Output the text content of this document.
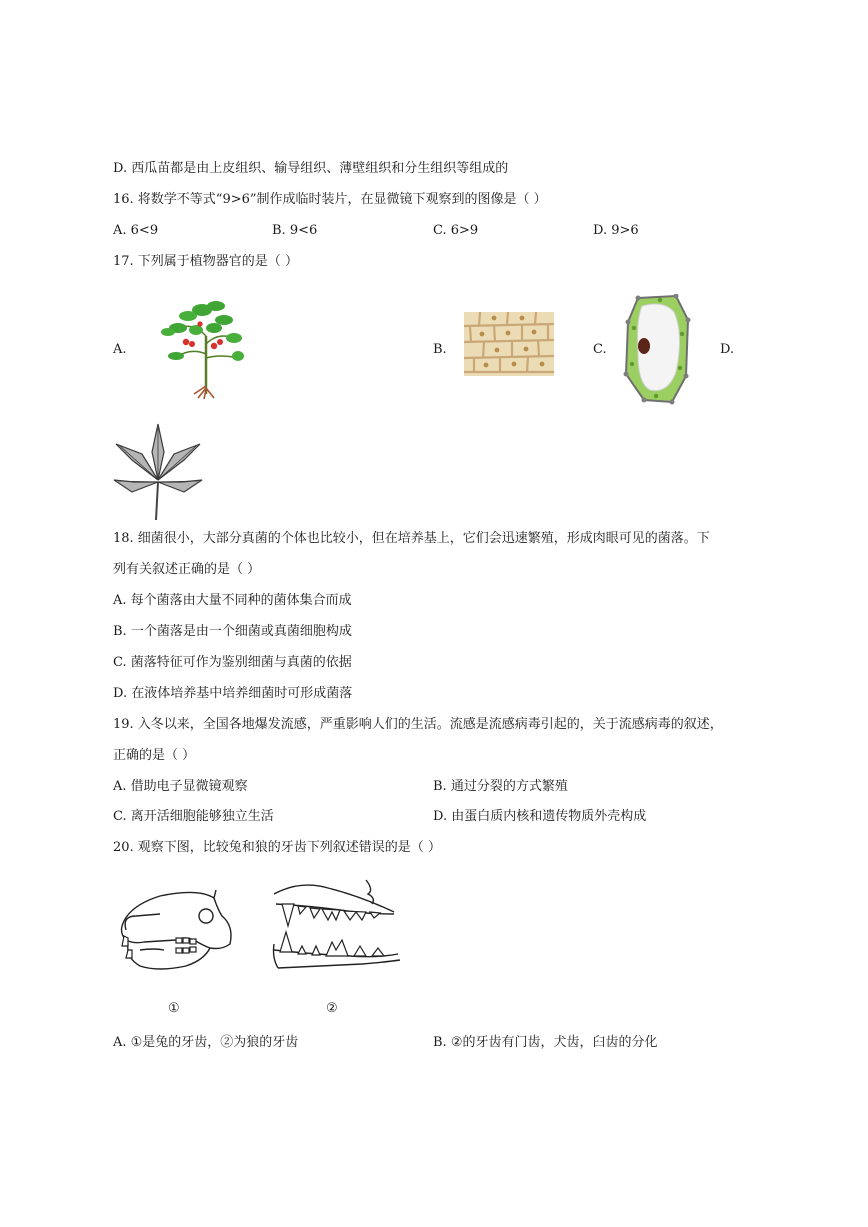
D. 西瓜苗都是由上皮组织、输导组织、薄壁组织和分生组织等组成的
16. 将数学不等式“9>6”制作成临时装片，在显微镜下观察到的图像是（ ）
A. 6<9	B. 9<6	C. 6>9	D. 9>6
17. 下列属于植物器官的是（ ）
A.	B.	C.	D.
18. 细菌很小，大部分真菌的个体也比较小，但在培养基上，它们会迅速繁殖，形成肉眼可见的菌落。下
列有关叙述正确的是（ ）
A. 每个菌落由大量不同种的菌体集合而成
B. 一个菌落是由一个细菌或真菌细胞构成
C. 菌落特征可作为鉴别细菌与真菌的依据
D. 在液体培养基中培养细菌时可形成菌落
19. 入冬以来，全国各地爆发流感，严重影响人们的生活。流感是流感病毒引起的，关于流感病毒的叙述，
正确的是（ ）
A. 借助电子显微镜观察	B. 通过分裂的方式繁殖
C. 离开活细胞能够独立生活	D. 由蛋白质内核和遗传物质外壳构成
20. 观察下图，比较兔和狼的牙齿下列叙述错误的是（ ）
①	②
A. ①是兔的牙齿，②为狼的牙齿	B. ②的牙齿有门齿，犬齿，臼齿的分化
